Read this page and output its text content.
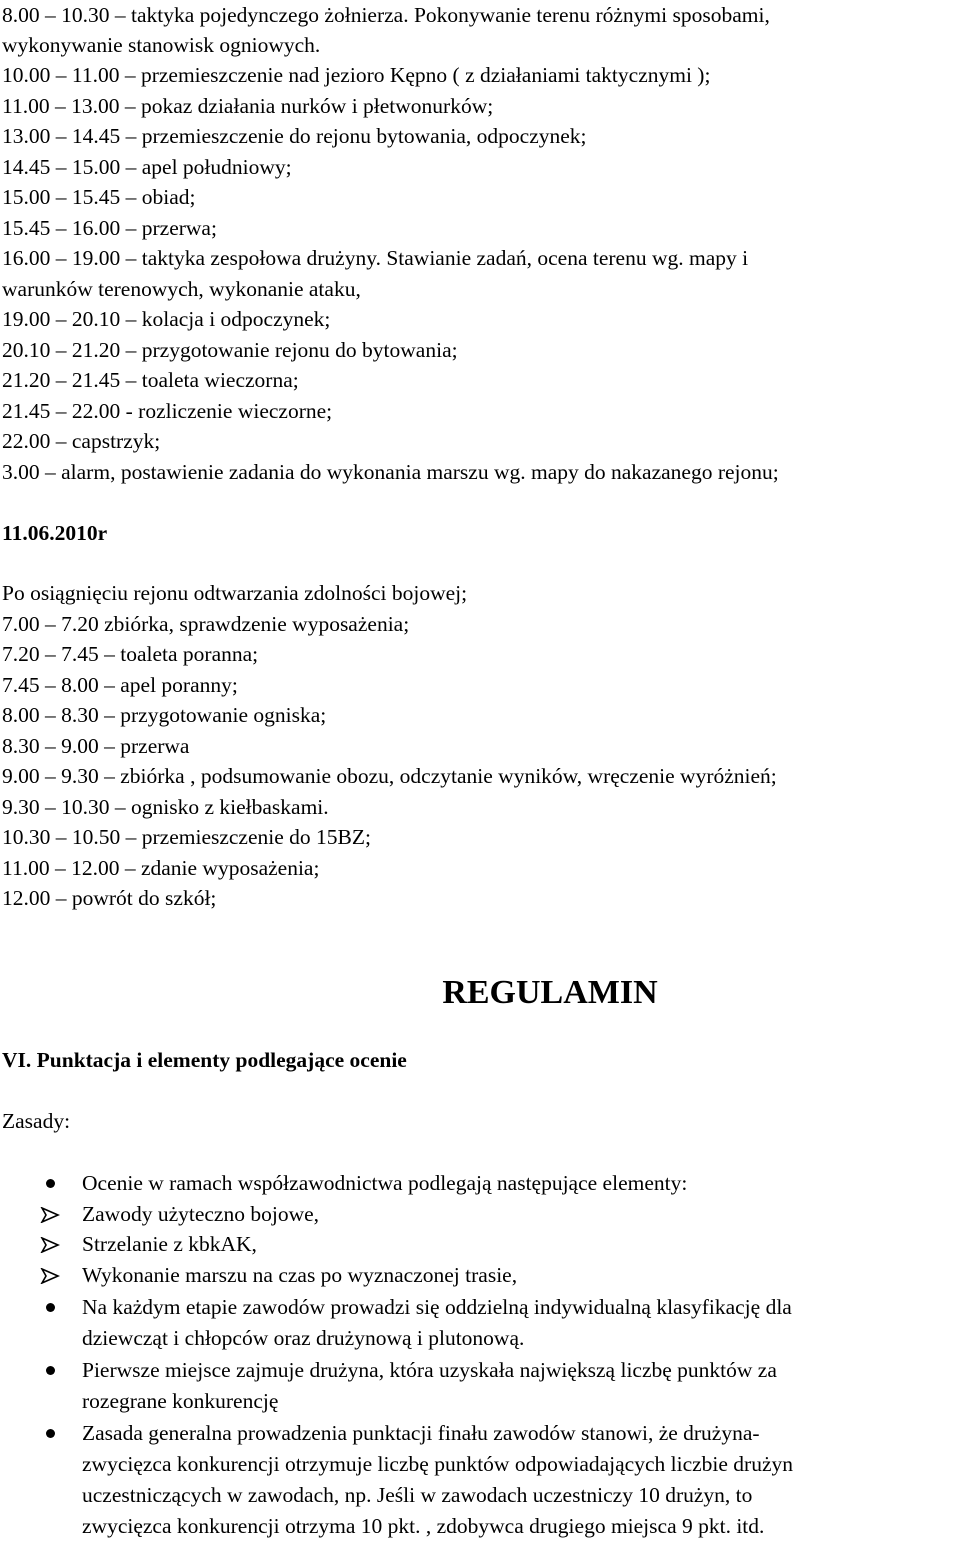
8.00 – 10.30 – taktyka pojedynczego żołnierza. Pokonywanie terenu różnymi sposobami,
wykonywanie stanowisk ogniowych.
10.00 – 11.00 – przemieszczenie nad jezioro Kępno ( z działaniami taktycznymi );
11.00 – 13.00 – pokaz działania nurków i płetwonurków;
13.00 – 14.45 – przemieszczenie do rejonu bytowania, odpoczynek;
14.45 – 15.00 – apel południowy;
15.00 – 15.45 – obiad;
15.45 – 16.00 – przerwa;
16.00 – 19.00 – taktyka zespołowa drużyny. Stawianie zadań, ocena terenu wg. mapy i
warunków terenowych, wykonanie ataku,
19.00 – 20.10 – kolacja i odpoczynek;
20.10 – 21.20 – przygotowanie rejonu do bytowania;
21.20 – 21.45 – toaleta wieczorna;
21.45 – 22.00 - rozliczenie wieczorne;
22.00 – capstrzyk;
3.00 – alarm, postawienie zadania do wykonania marszu wg. mapy do nakazanego rejonu;
11.06.2010r
Po osiągnięciu rejonu odtwarzania zdolności bojowej;
7.00 – 7.20 zbiórka, sprawdzenie wyposażenia;
7.20 – 7.45 – toaleta poranna;
7.45 – 8.00 – apel poranny;
8.00 – 8.30 – przygotowanie ogniska;
8.30 – 9.00 – przerwa
9.00 – 9.30 – zbiórka , podsumowanie obozu, odczytanie wyników, wręczenie wyróżnień;
9.30 – 10.30 – ognisko z kiełbaskami.
10.30 – 10.50 – przemieszczenie do 15BZ;
11.00 – 12.00 – zdanie wyposażenia;
12.00 – powrót do szkół;
REGULAMIN
VI. Punktacja i elementy podlegające ocenie
Zasady:
Ocenie w ramach współzawodnictwa podlegają następujące elementy:
Zawody użyteczno bojowe,
Strzelanie z kbkAK,
Wykonanie marszu na czas po wyznaczonej trasie,
Na każdym etapie zawodów prowadzi się oddzielną indywidualną klasyfikację dla
dziewcząt i chłopców oraz drużynową i plutonową.
Pierwsze miejsce zajmuje drużyna, która uzyskała największą liczbę punktów za
rozegrane konkurencję
Zasada generalna prowadzenia punktacji finału zawodów stanowi, że drużyna-
zwycięzca konkurencji otrzymuje liczbę punktów odpowiadających liczbie drużyn
uczestniczących w zawodach, np. Jeśli w zawodach uczestniczy 10 drużyn, to
zwycięzca konkurencji otrzyma 10 pkt. , zdobywca drugiego miejsca 9 pkt. itd.
